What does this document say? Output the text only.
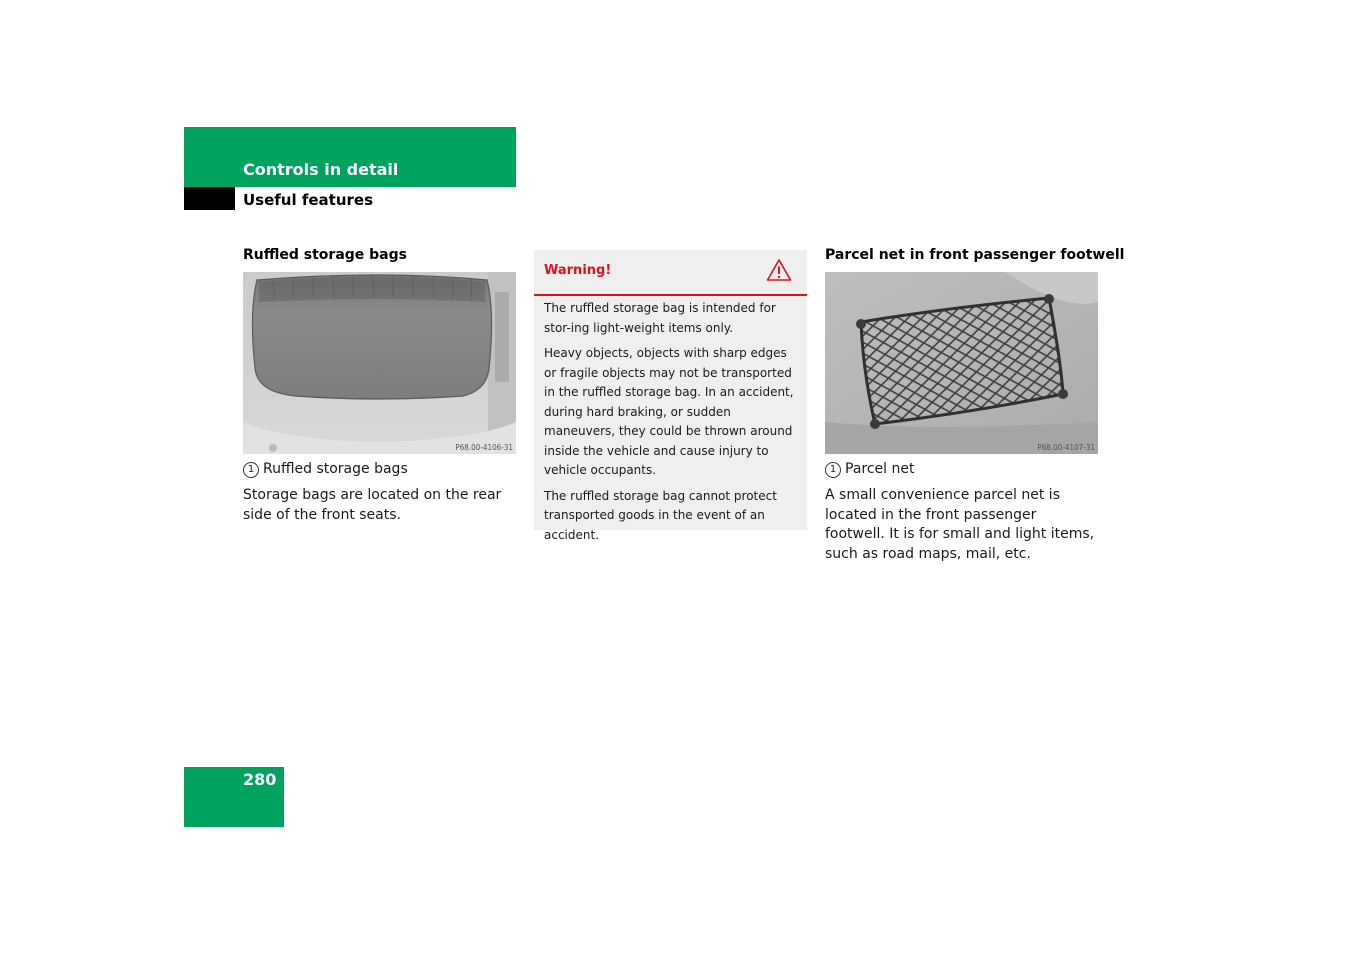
Controls in detail
Useful features
Ruffled storage bags
P68.00-4106-31
1 Ruffled storage bags
Storage bags are located on the rear side of the front seats.
Warning!

The ruffled storage bag is intended for stor-ing light-weight items only.

Heavy objects, objects with sharp edges or fragile objects may not be transported in the ruffled storage bag. In an accident, during hard braking, or sudden maneuvers, they could be thrown around inside the vehicle and cause injury to vehicle occupants.

The ruffled storage bag cannot protect transported goods in the event of an accident.

Parcel net in front passenger footwell
P68.00-4107-31
1 Parcel net
A small convenience parcel net is located in the front passenger footwell. It is for small and light items, such as road maps, mail, etc.
280
